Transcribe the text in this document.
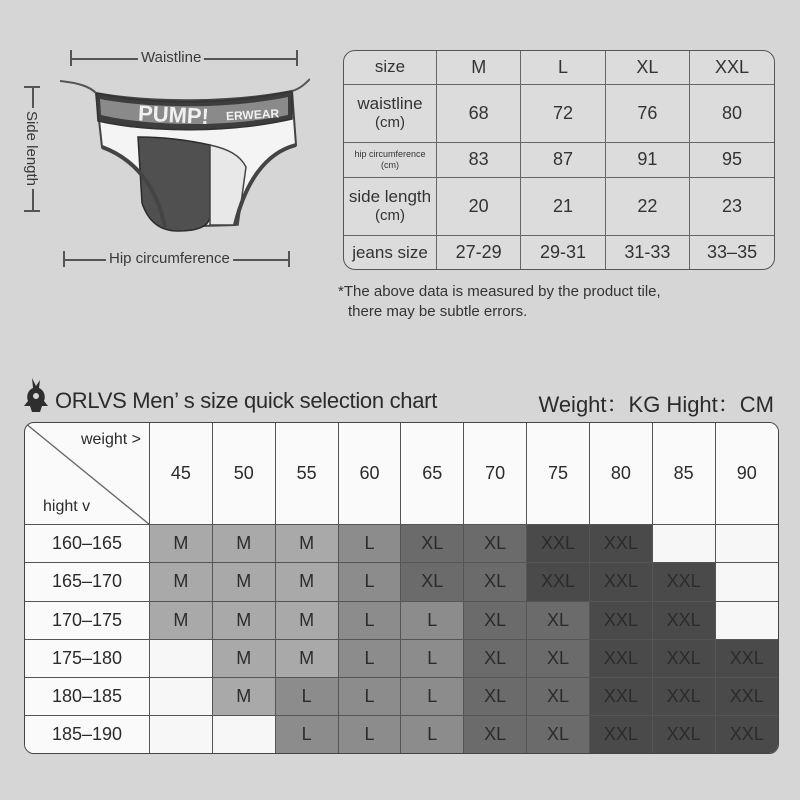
Waistline
Side length
Hip circumference
PUMP! ERWEAR
size	M	L	XL	XXL
waistline
(cm)	68	72	76	80
hip circumference
(cm)	83	87	91	95
side length
(cm)	20	21	22	23
jeans size	27-29	29-31	31-33	33–35
*The above data is measured by the product tile,
there may be subtle errors.
ORLVS Men’ s size quick selection chart	Weight：KG Hight：CM
weight >
hight v	45	50	55	60	65	70	75	80	85	90
160–165	M	M	M	L	XL	XL	XXL	XXL		
165–170	M	M	M	L	XL	XL	XXL	XXL	XXL	
170–175	M	M	M	L	L	XL	XL	XXL	XXL	
175–180		M	M	L	L	XL	XL	XXL	XXL	XXL
180–185		M	L	L	L	XL	XL	XXL	XXL	XXL
185–190			L	L	L	XL	XL	XXL	XXL	XXL
